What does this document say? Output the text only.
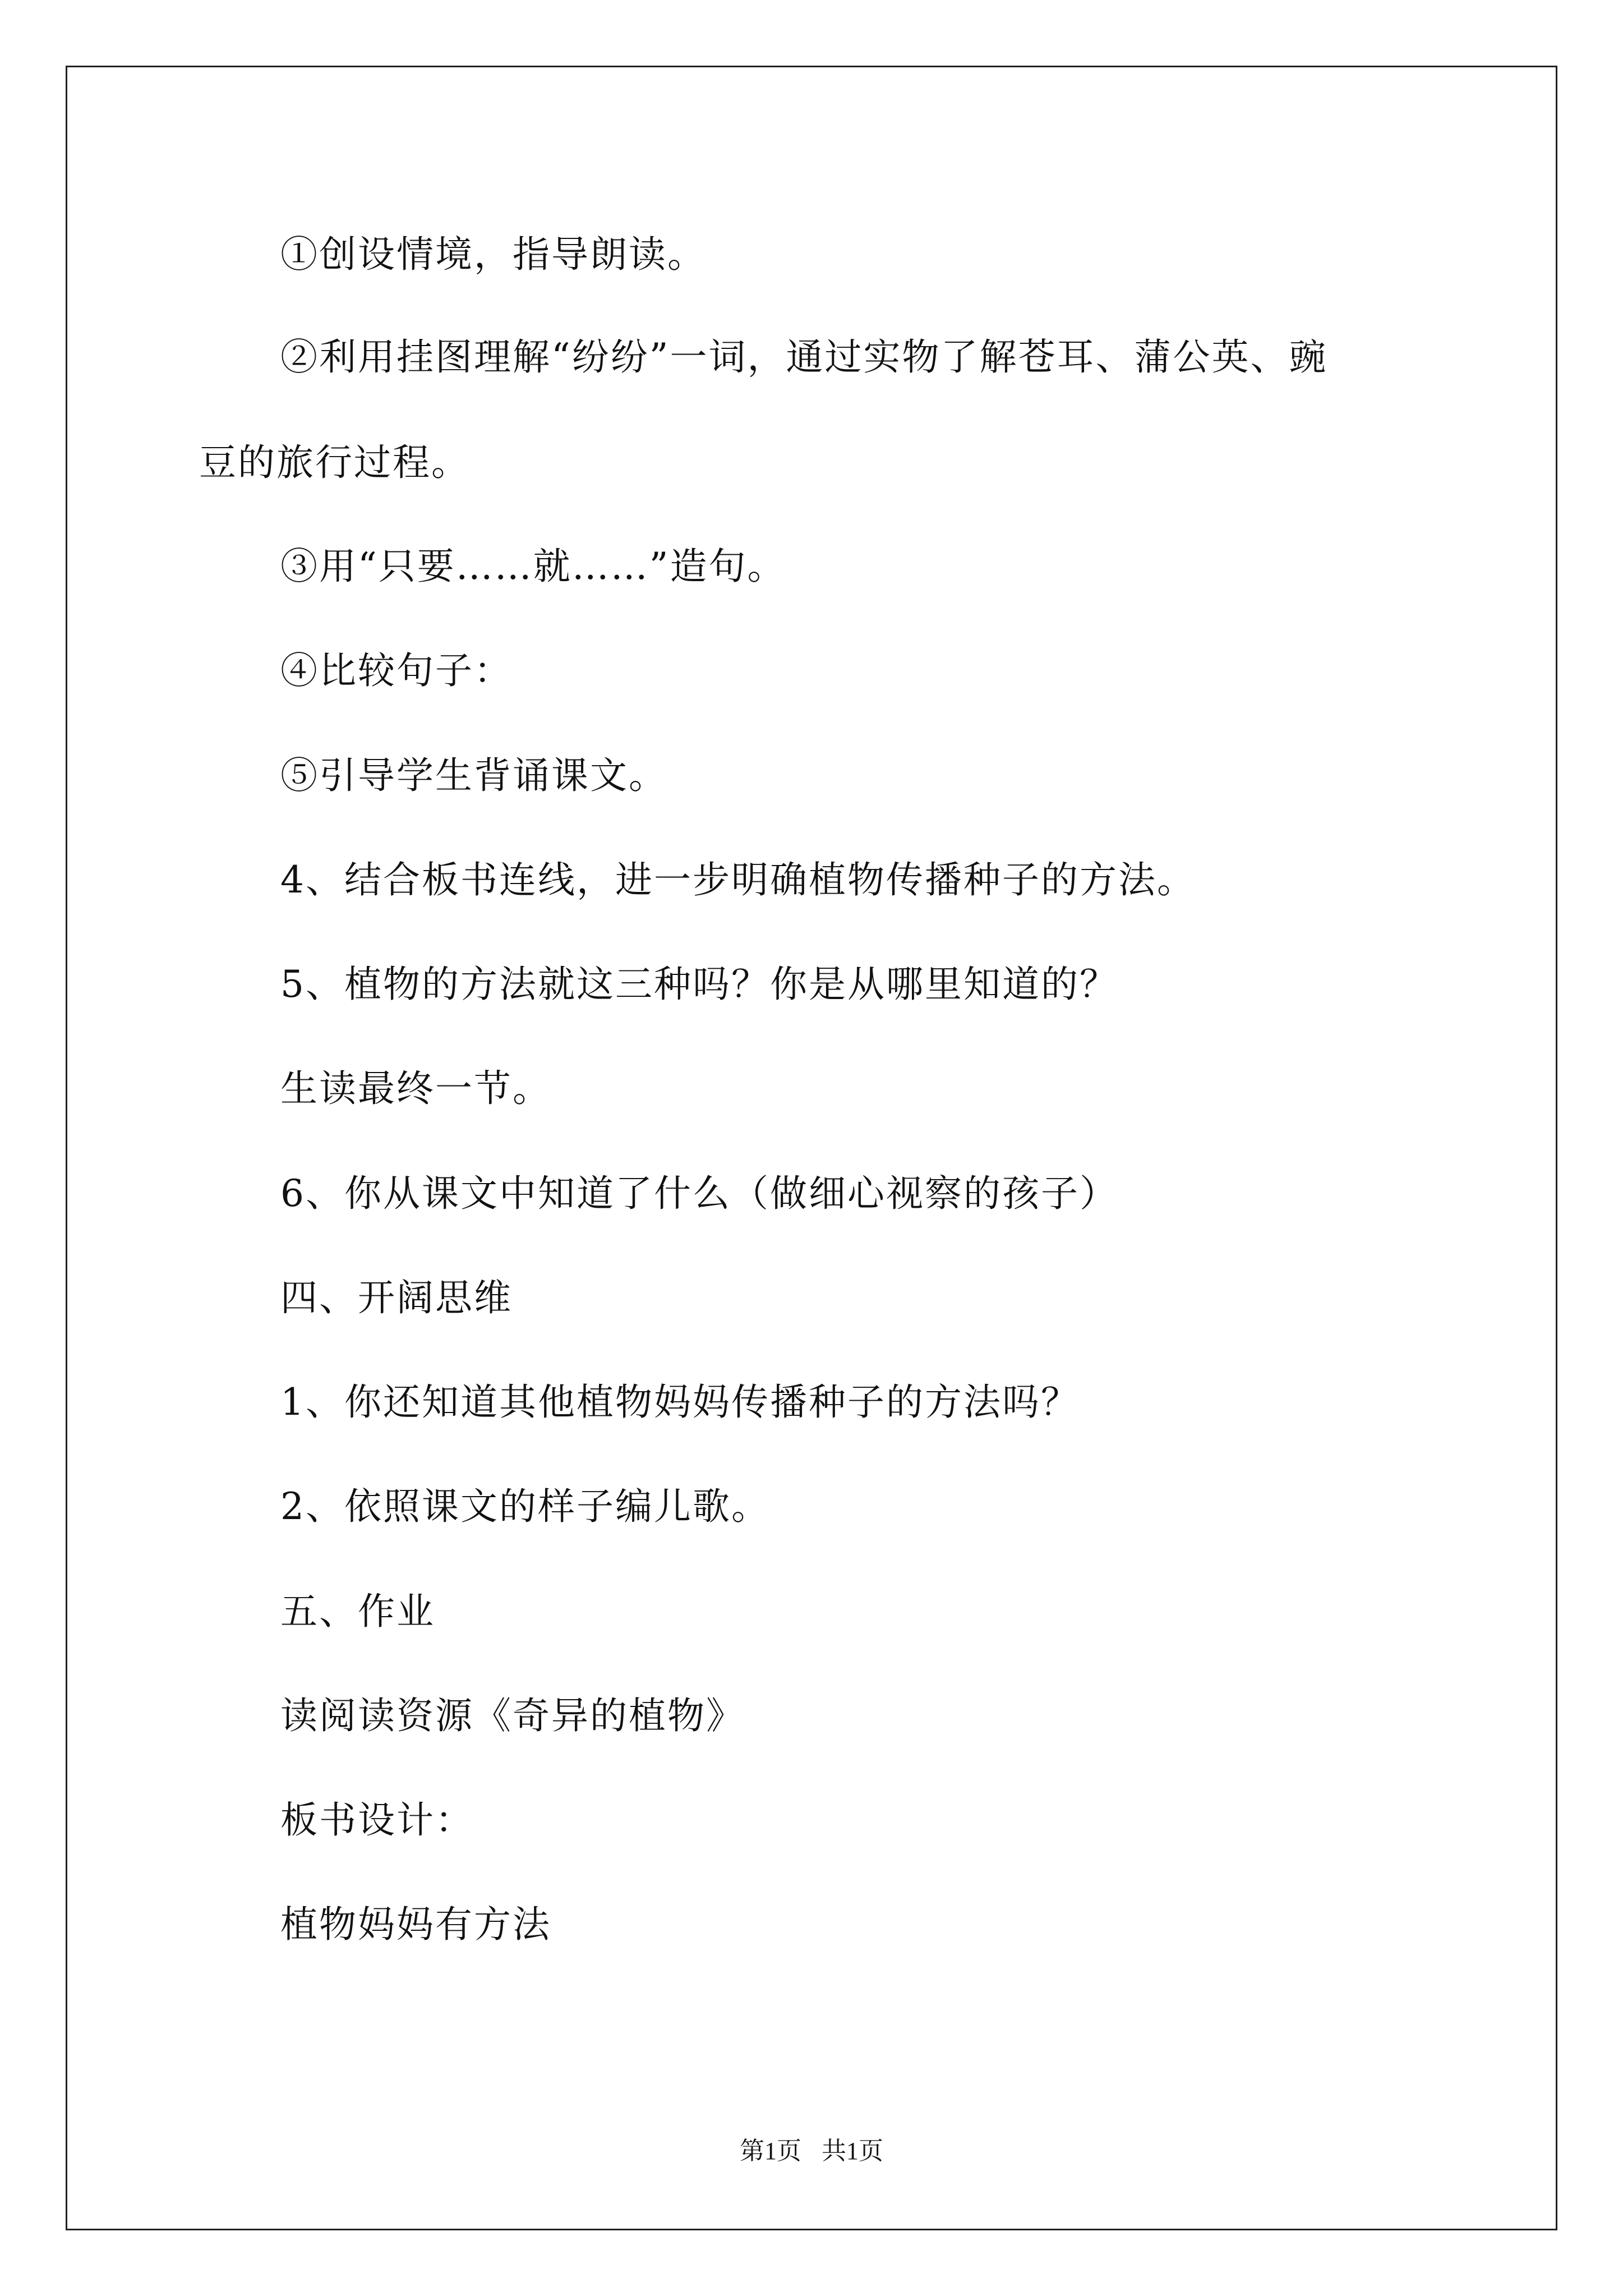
①创设情境，指导朗读。
②利用挂图理解“纷纷”一词，通过实物了解苍耳、蒲公英、豌
豆的旅行过程。
③用“只要……就……”造句。
④比较句子：
⑤引导学生背诵课文。
4、结合板书连线，进一步明确植物传播种子的方法。
5、植物的方法就这三种吗？你是从哪里知道的？
生读最终一节。
6、你从课文中知道了什么（做细心视察的孩子）
四、开阔思维
1、你还知道其他植物妈妈传播种子的方法吗？
2、依照课文的样子编儿歌。
五、作业
读阅读资源《奇异的植物》
板书设计：
植物妈妈有方法
第1页 共1页
